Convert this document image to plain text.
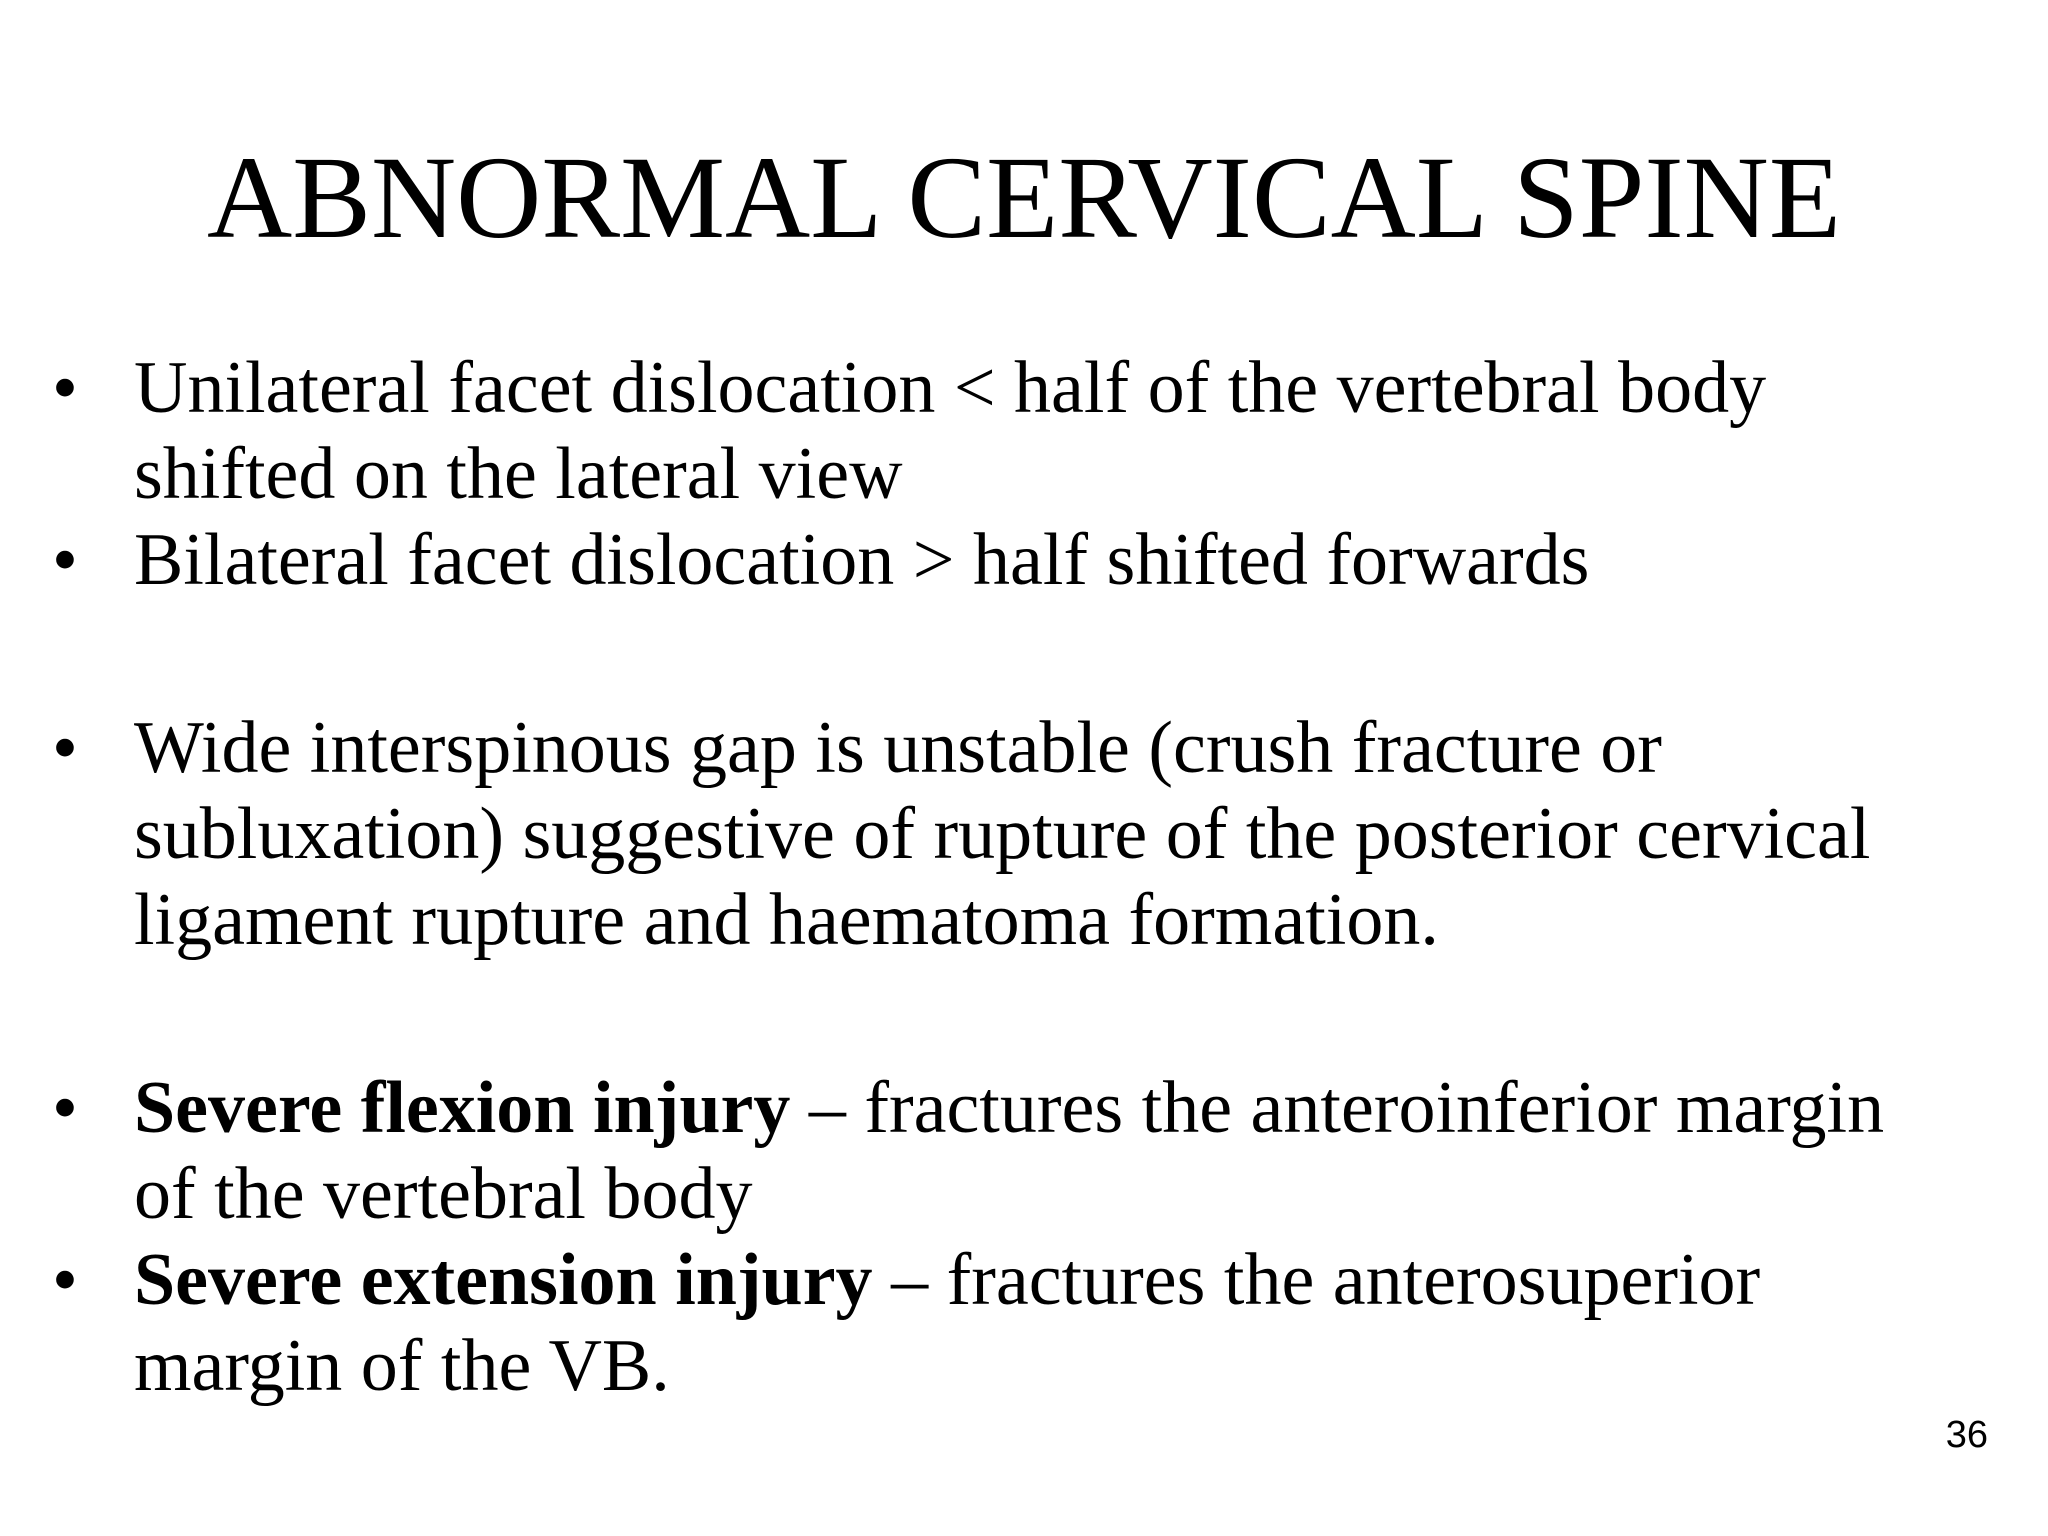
ABNORMAL CERVICAL SPINE
• Unilateral facet dislocation < half of the vertebral body shifted on the lateral view
• Bilateral facet dislocation > half shifted forwards
• Wide interspinous gap is unstable (crush fracture or subluxation) suggestive of rupture of the posterior cervical ligament rupture and haematoma formation.
• Severe flexion injury – fractures the anteroinferior margin of the vertebral body
• Severe extension injury – fractures the anterosuperior margin of the VB.
36
